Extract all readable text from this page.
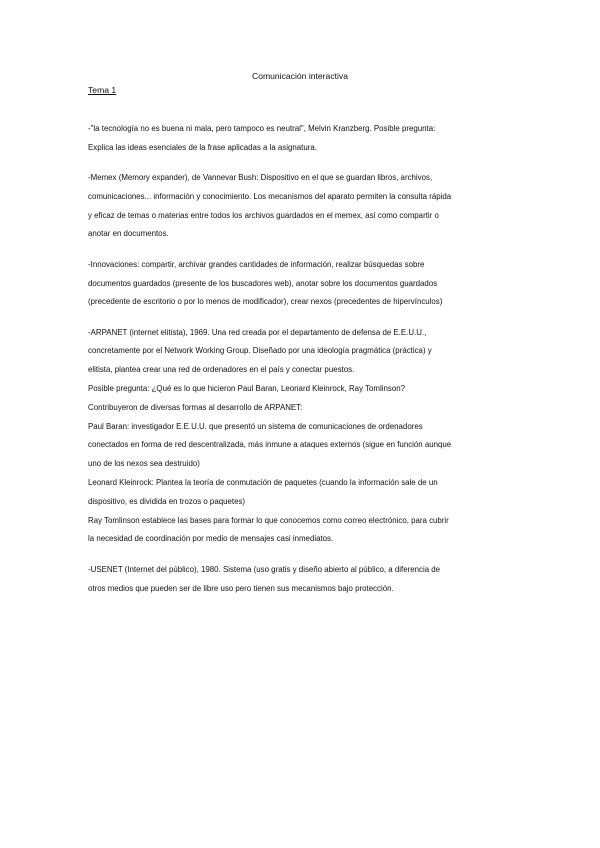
Comunicación interactiva
Tema 1
-"la tecnología no es buena ni mala, pero tampoco es neutral", Melvin Kranzberg. Posible pregunta:
Explica las ideas esenciales de la frase aplicadas a la asignatura.
-Memex (Memory expander), de Vannevar Bush: Dispositivo en el que se guardan libros, archivos,
comunicaciones... información y conocimiento. Los mecanismos del aparato permiten la consulta rápida
y eficaz de temas o materias entre todos los archivos guardados en el memex, así como compartir o
anotar en documentos.
-Innovaciones: compartir, archivar grandes cantidades de información, realizar búsquedas sobre
documentos guardados (presente de los buscadores web), anotar sobre los documentos guardados
(precedente de escritorio o por lo menos de modificador), crear nexos (precedentes de hipervínculos)
-ARPANET (internet elitista), 1969. Una red creada por el departamento de defensa de E.E.U.U.,
concretamente por el Network Working Group. Diseñado por una ideología pragmática (práctica) y
elitista, plantea crear una red de ordenadores en el país y conectar puestos.
Posible pregunta: ¿Qué es lo que hicieron Paul Baran, Leonard Kleinrock, Ray Tomlinson?
Contribuyeron de diversas formas al desarrollo de ARPANET:
Paul Baran: investigador E.E.U.U. que presentó un sistema de comunicaciones de ordenadores
conectados en forma de red descentralizada, más inmune a ataques externos (sigue en función aunque
uno de los nexos sea destruido)
Leonard Kleinrock: Plantea la teoría de conmutación de paquetes (cuando la información sale de un
dispositivo, es dividida en trozos o paquetes)
Ray Tomlinson establece las bases para formar lo que conocemos como correo electrónico, para cubrir
la necesidad de coordinación por medio de mensajes casi inmediatos.
-USENET (Internet del público), 1980. Sistema (uso gratis y diseño abierto al público, a diferencia de
otros medios que pueden ser de libre uso pero tienen sus mecanismos bajo protección.
